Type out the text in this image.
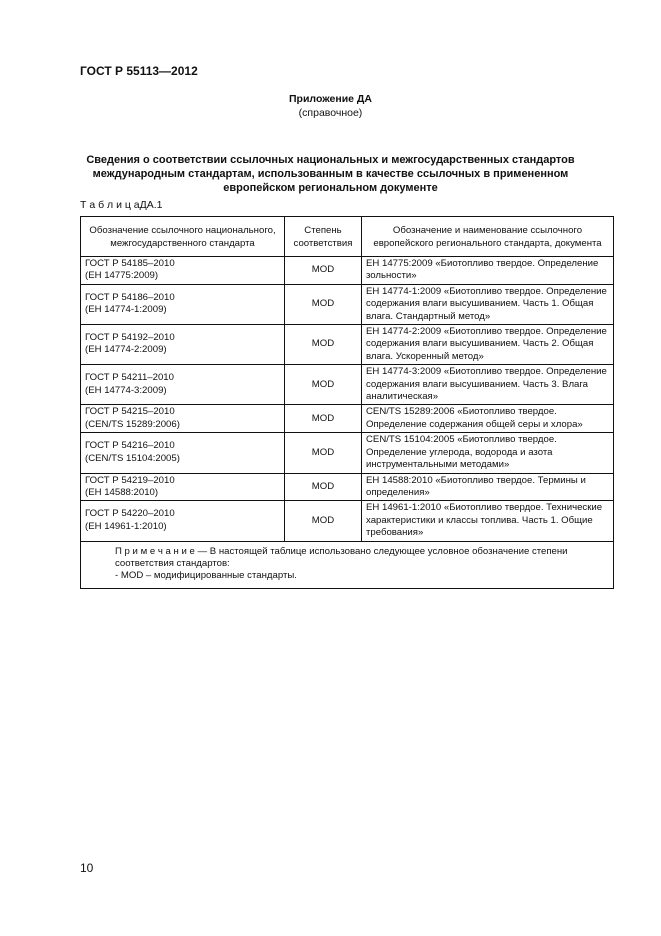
ГОСТ Р 55113—2012
Приложение ДА
(справочное)
Сведения о соответствии ссылочных национальных и межгосударственных стандартов международным стандартам, использованным в качестве ссылочных в примененном европейском региональном документе
Т а б л и ц аДА.1
Обозначение ссылочного национального, межгосударственного стандарта	Степень соответствия	Обозначение и наименование ссылочного европейского регионального стандарта, документа

ГОСТ Р 54185–2010
(ЕН 14775:2009)	MOD	ЕН 14775:2009 «Биотопливо твердое. Определение зольности»

ГОСТ Р 54186–2010
(ЕН 14774-1:2009)	MOD	ЕН 14774-1:2009 «Биотопливо твердое. Определение содержания влаги высушиванием. Часть 1. Общая влага. Стандартный метод»

ГОСТ Р 54192–2010
(ЕН 14774-2:2009)	MOD	ЕН 14774-2:2009 «Биотопливо твердое. Определение содержания влаги высушиванием. Часть 2. Общая влага. Ускоренный метод»

ГОСТ Р 54211–2010
(ЕН 14774-3:2009)	MOD	ЕН 14774-3:2009 «Биотопливо твердое. Определение содержания влаги высушиванием. Часть 3. Влага аналитическая»

ГОСТ Р 54215–2010
(CEN/TS 15289:2006)	MOD	CEN/TS 15289:2006 «Биотопливо твердое. Определение содержания общей серы и хлора»

ГОСТ Р 54216–2010
(CEN/TS 15104:2005)	MOD	CEN/TS 15104:2005 «Биотопливо твердое. Определение углерода, водорода и азота инструментальными методами»

ГОСТ Р 54219–2010
(ЕН 14588:2010)	MOD	ЕН 14588:2010 «Биотопливо твердое. Термины и определения»

ГОСТ Р 54220–2010
(ЕН 14961-1:2010)	MOD	ЕН 14961-1:2010 «Биотопливо твердое. Технические характеристики и классы топлива. Часть 1. Общие требования»

П р и м е ч а н и е — В настоящей таблице использовано следующее условное обозначение степени соответствия стандартов:
- MOD – модифицированные стандарты.		
10
